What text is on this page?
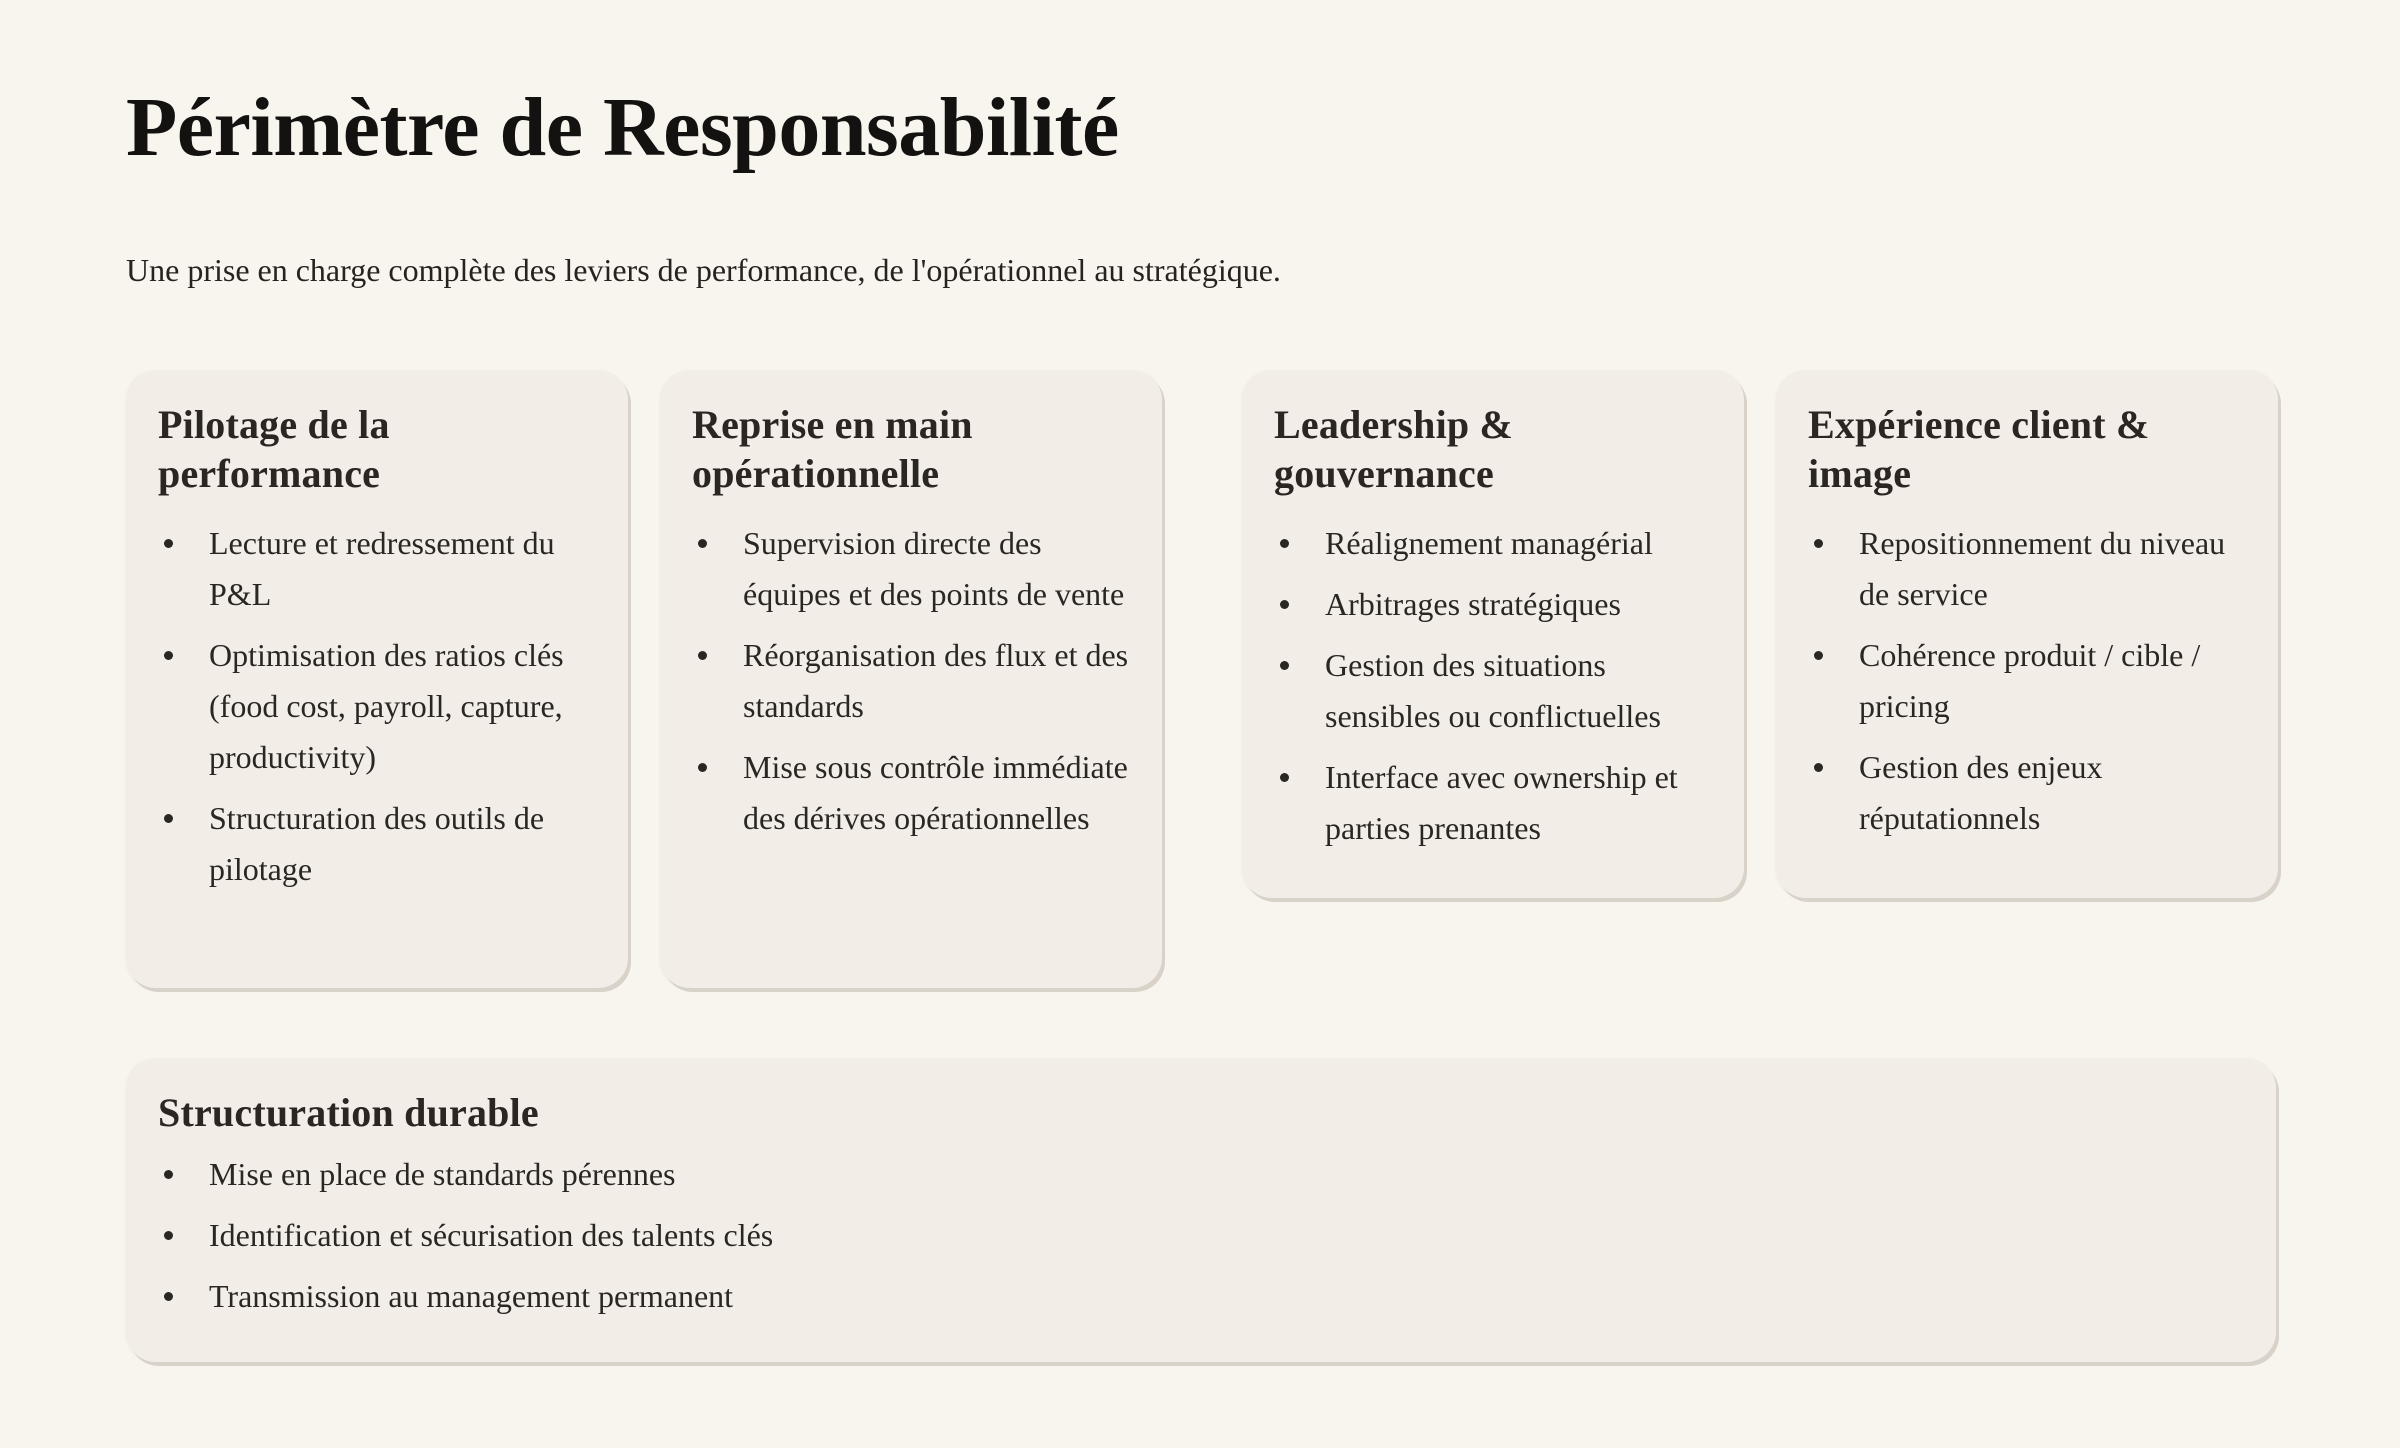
Périmètre de Responsabilité

Une prise en charge complète des leviers de performance, de l'opérationnel au stratégique.

Pilotage de la performance
Lecture et redressement du P&L
Optimisation des ratios clés (food cost, payroll, capture, productivity)
Structuration des outils de pilotage
Reprise en main opérationnelle
Supervision directe des équipes et des points de vente
Réorganisation des flux et des standards
Mise sous contrôle immédiate des dérives opérationnelles
Leadership & gouvernance
Réalignement managérial
Arbitrages stratégiques
Gestion des situations sensibles ou conflictuelles
Interface avec ownership et parties prenantes
Expérience client & image
Repositionnement du niveau de service
Cohérence produit / cible / pricing
Gestion des enjeux réputationnels
Structuration durable
Mise en place de standards pérennes
Identification et sécurisation des talents clés
Transmission au management permanent
